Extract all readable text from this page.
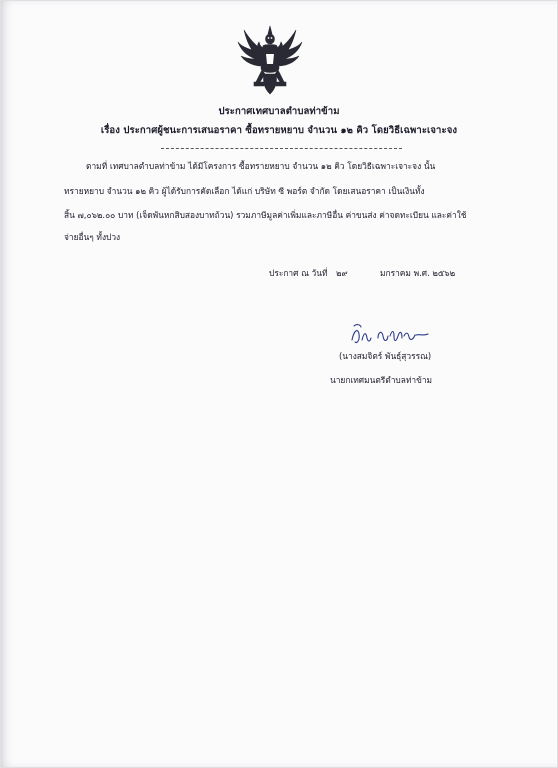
ประกาศเทศบาลตำบลท่าข้าม
เรื่อง ประกาศผู้ชนะการเสนอราคา ซื้อทรายหยาบ จำนวน ๑๒ คิว โดยวิธีเฉพาะเจาะจง
ตามที่ เทศบาลตำบลท่าข้าม ได้มีโครงการ ซื้อทรายหยาบ จำนวน ๑๒ คิว โดยวิธีเฉพาะเจาะจง นั้น
ทรายหยาบ จำนวน ๑๒ คิว ผู้ได้รับการคัดเลือก ได้แก่ บริษัท ซี พอร์ต จำกัด โดยเสนอราคา เป็นเงินทั้ง
สิ้น ๗,๐๖๒.๐๐ บาท (เจ็ดพันหกสิบสองบาทถ้วน) รวมภาษีมูลค่าเพิ่มและภาษีอื่น ค่าขนส่ง ค่าจดทะเบียน และค่าใช้
จ่ายอื่นๆ ทั้งปวง
ประกาศ ณ วันที่ ๒๙	มกราคม พ.ศ. ๒๕๖๒
(นางสมจิตร์ พันธุ์สุวรรณ)
นายกเทศมนตรีตำบลท่าข้าม
